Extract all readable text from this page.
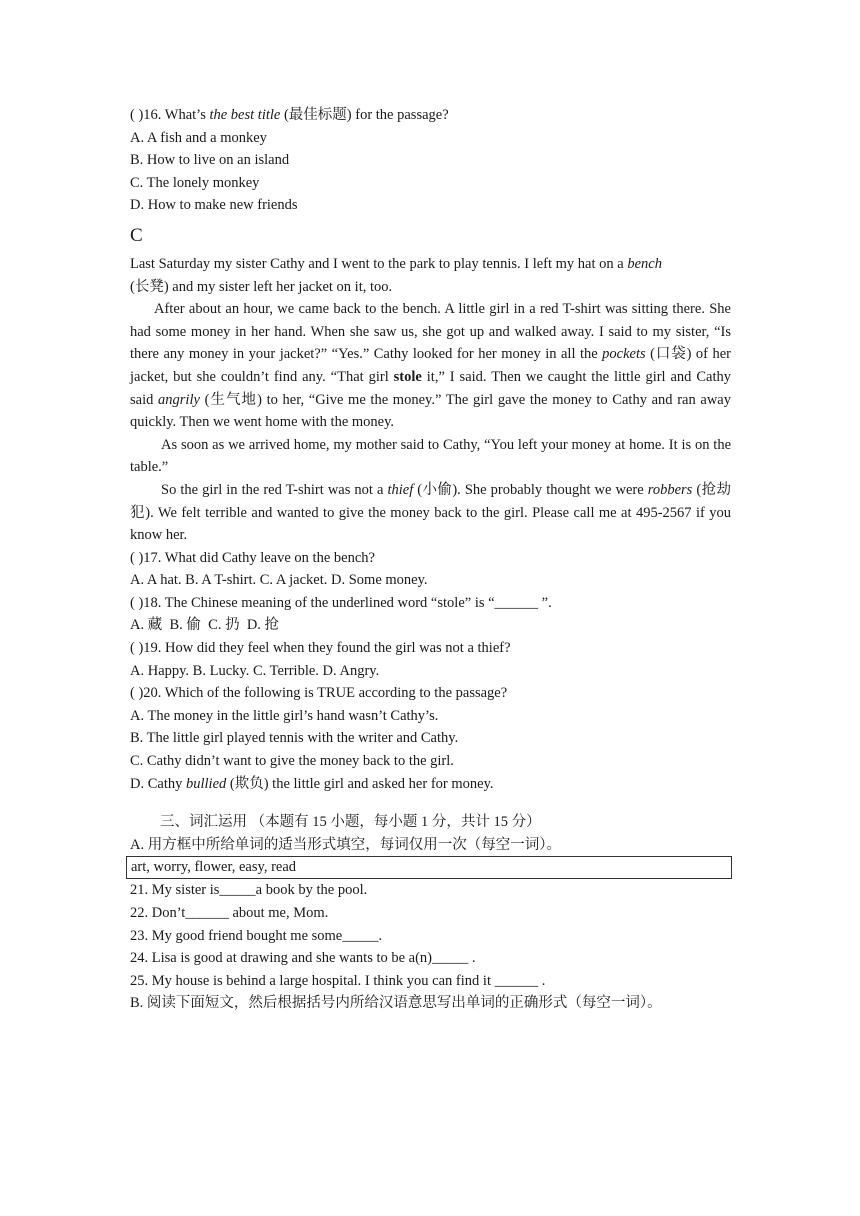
( )16. What’s the best title (最佳标题) for the passage?
A. A fish and a monkey
B. How to live on an island
C. The lonely monkey
D. How to make new friends
C
Last Saturday my sister Cathy and I went to the park to play tennis. I left my hat on a bench
(长凳) and my sister left her jacket on it, too.
After about an hour, we came back to the bench. A little girl in a red T-shirt was sitting there. She had some money in her hand. When she saw us, she got up and walked away. I said to my sister, “Is there any money in your jacket?” “Yes.” Cathy looked for her money in all the pockets (口袋) of her jacket, but she couldn’t find any. “That girl stole it,” I said. Then we caught the little girl and Cathy said angrily (生气地) to her, “Give me the money.” The girl gave the money to Cathy and ran away quickly. Then we went home with the money.
As soon as we arrived home, my mother said to Cathy, “You left your money at home. It is on the table.”
So the girl in the red T-shirt was not a thief (小偷). She probably thought we were robbers (抢劫犯). We felt terrible and wanted to give the money back to the girl. Please call me at 495-2567 if you know her.
( )17. What did Cathy leave on the bench?
A. A hat. B. A T-shirt. C. A jacket. D. Some money.
( )18. The Chinese meaning of the underlined word “stole” is “______ ”.
A. 藏  B. 偷  C. 扔  D. 抢
( )19. How did they feel when they found the girl was not a thief?
A. Happy. B. Lucky. C. Terrible. D. Angry.
( )20. Which of the following is TRUE according to the passage?
A. The money in the little girl’s hand wasn’t Cathy’s.
B. The little girl played tennis with the writer and Cathy.
C. Cathy didn’t want to give the money back to the girl.
D. Cathy bullied (欺负) the little girl and asked her for money.
三、词汇运用 （本题有 15 小题，每小题 1 分，共计 15 分）
A. 用方框中所给单词的适当形式填空，每词仅用一次（每空一词）。
art, worry, flower, easy, read
21. My sister is_____a book by the pool.
22. Don’t______ about me, Mom.
23. My good friend bought me some_____.
24. Lisa is good at drawing and she wants to be a(n)_____ .
25. My house is behind a large hospital. I think you can find it ______ .
B. 阅读下面短文，然后根据括号内所给汉语意思写出单词的正确形式（每空一词）。
